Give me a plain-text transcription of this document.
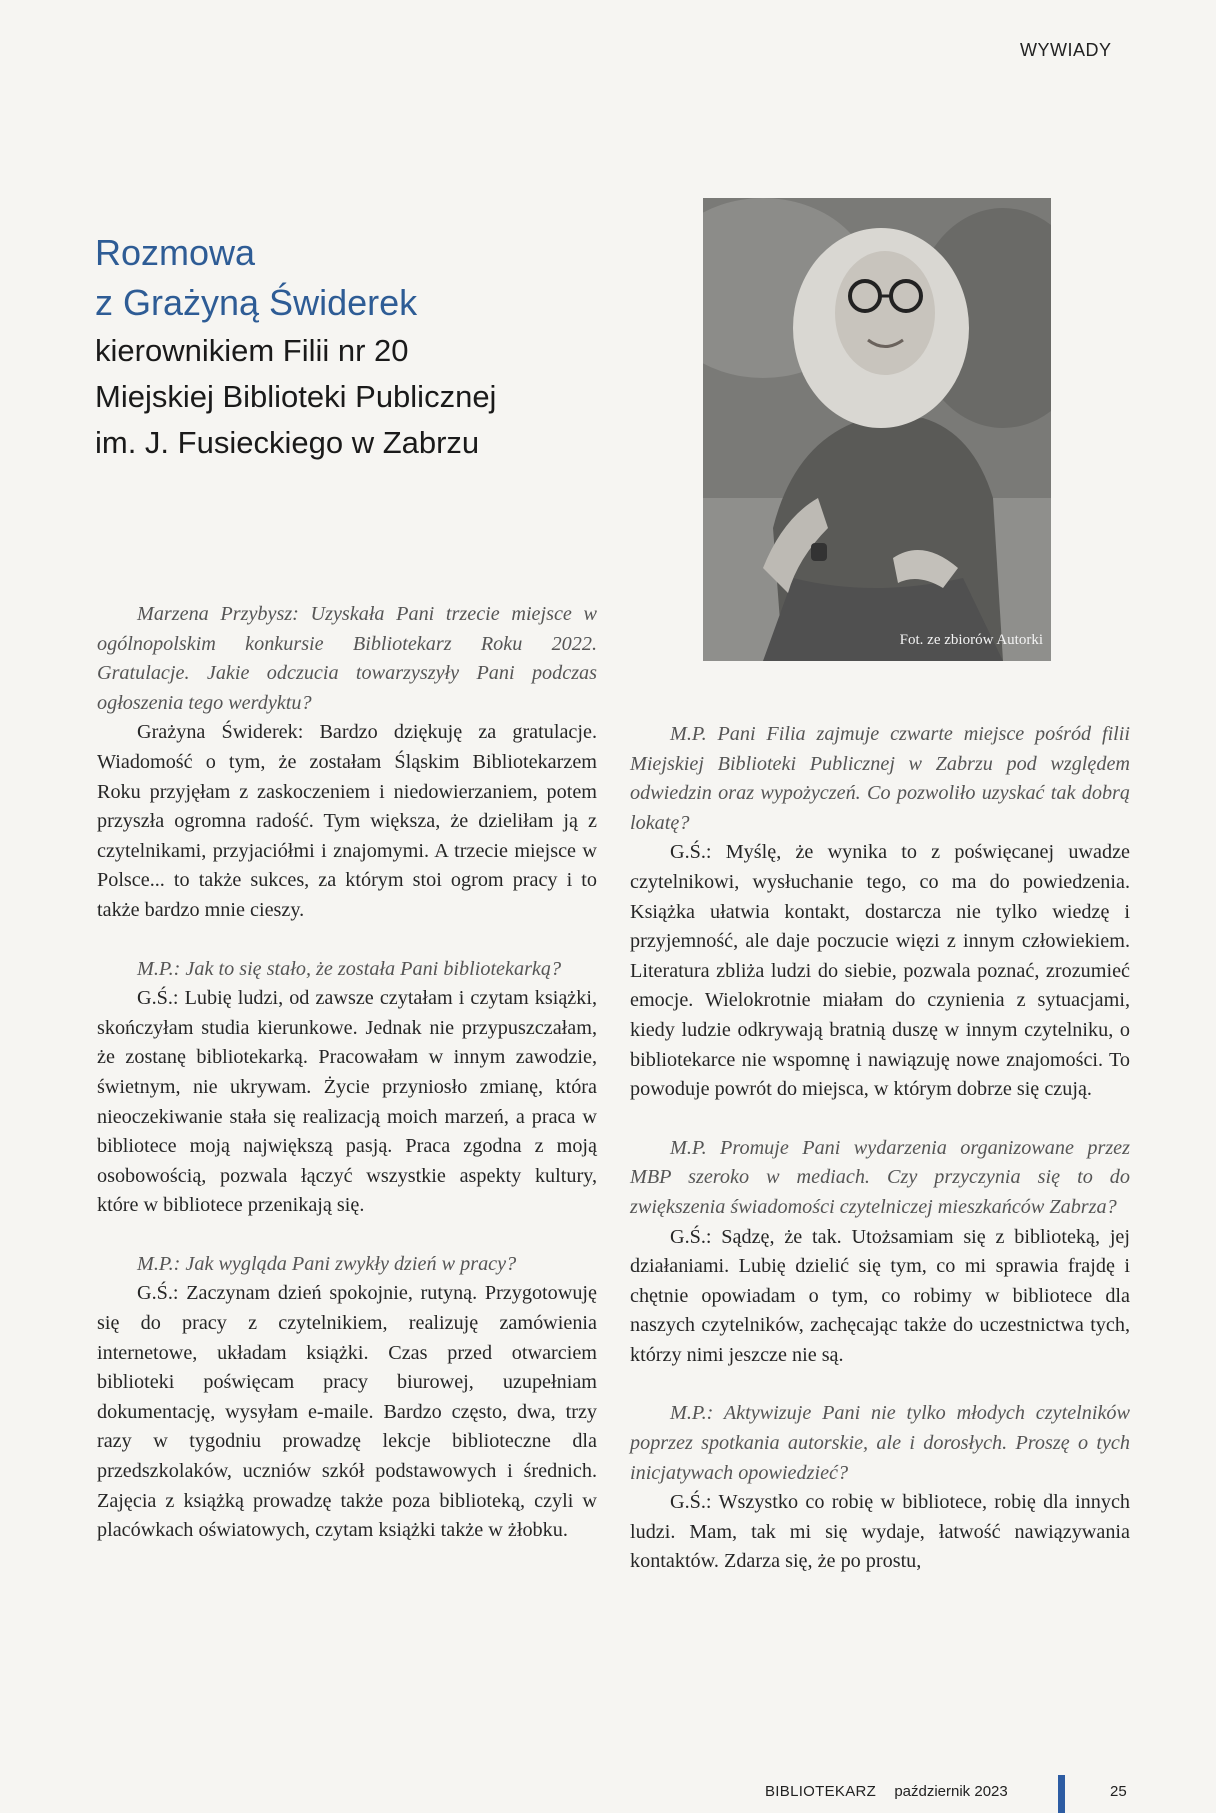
WYWIADY

Rozmowa

z Grażyną Świderek

kierownikiem Filii nr 20

Miejskiej Biblioteki Publicznej

im. J. Fusieckiego w Zabrzu

Fot. ze zbiorów Autorki

Marzena Przybysz: Uzyskała Pani trzecie miejsce w ogólnopolskim konkursie Bibliotekarz Roku 2022. Gratulacje. Jakie odczucia towarzyszyły Pani podczas ogłoszenia tego werdyktu?

Grażyna Świderek: Bardzo dziękuję za gratulacje. Wiadomość o tym, że zostałam Śląskim Bibliotekarzem Roku przyjęłam z zaskoczeniem i niedowierzaniem, potem przyszła ogromna radość. Tym większa, że dzieliłam ją z czytelnikami, przyjaciółmi i znajomymi. A trzecie miejsce w Polsce... to także sukces, za którym stoi ogrom pracy i to także bardzo mnie cieszy.

M.P.: Jak to się stało, że została Pani bibliotekarką?

G.Ś.: Lubię ludzi, od zawsze czytałam i czytam książki, skończyłam studia kierunkowe. Jednak nie przypuszczałam, że zostanę bibliotekarką. Pracowałam w innym zawodzie, świetnym, nie ukrywam. Życie przyniosło zmianę, która nieoczekiwanie stała się realizacją moich marzeń, a praca w bibliotece moją największą pasją. Praca zgodna z moją osobowością, pozwala łączyć wszystkie aspekty kultury, które w bibliotece przenikają się.

M.P.: Jak wygląda Pani zwykły dzień w pracy?

G.Ś.: Zaczynam dzień spokojnie, rutyną. Przygotowuję się do pracy z czytelnikiem, realizuję zamówienia internetowe, układam książki. Czas przed otwarciem biblioteki poświęcam pracy biurowej, uzupełniam dokumentację, wysyłam e-maile. Bardzo często, dwa, trzy razy w tygodniu prowadzę lekcje biblioteczne dla przedszkolaków, uczniów szkół podstawowych i średnich. Zajęcia z książką prowadzę także poza biblioteką, czyli w placówkach oświatowych, czytam książki także w żłobku.

M.P. Pani Filia zajmuje czwarte miejsce pośród filii Miejskiej Biblioteki Publicznej w Zabrzu pod względem odwiedzin oraz wypożyczeń. Co pozwoliło uzyskać tak dobrą lokatę?

G.Ś.: Myślę, że wynika to z poświęcanej uwadze czytelnikowi, wysłuchanie tego, co ma do powiedzenia. Książka ułatwia kontakt, dostarcza nie tylko wiedzę i przyjemność, ale daje poczucie więzi z innym człowiekiem. Literatura zbliża ludzi do siebie, pozwala poznać, zrozumieć emocje. Wielokrotnie miałam do czynienia z sytuacjami, kiedy ludzie odkrywają bratnią duszę w innym czytelniku, o bibliotekarce nie wspomnę i nawiązuję nowe znajomości. To powoduje powrót do miejsca, w którym dobrze się czują.

M.P. Promuje Pani wydarzenia organizowane przez MBP szeroko w mediach. Czy przyczynia się to do zwiększenia świadomości czytelniczej mieszkańców Zabrza?

G.Ś.: Sądzę, że tak. Utożsamiam się z biblioteką, jej działaniami. Lubię dzielić się tym, co mi sprawia frajdę i chętnie opowiadam o tym, co robimy w bibliotece dla naszych czytelników, zachęcając także do uczestnictwa tych, którzy nimi jeszcze nie są.

M.P.: Aktywizuje Pani nie tylko młodych czytelników poprzez spotkania autorskie, ale i dorosłych. Proszę o tych inicjatywach opowiedzieć?

G.Ś.: Wszystko co robię w bibliotece, robię dla innych ludzi. Mam, tak mi się wydaje, łatwość nawiązywania kontaktów. Zdarza się, że po prostu,

BIBLIOTEKARZ październik 2023	25
